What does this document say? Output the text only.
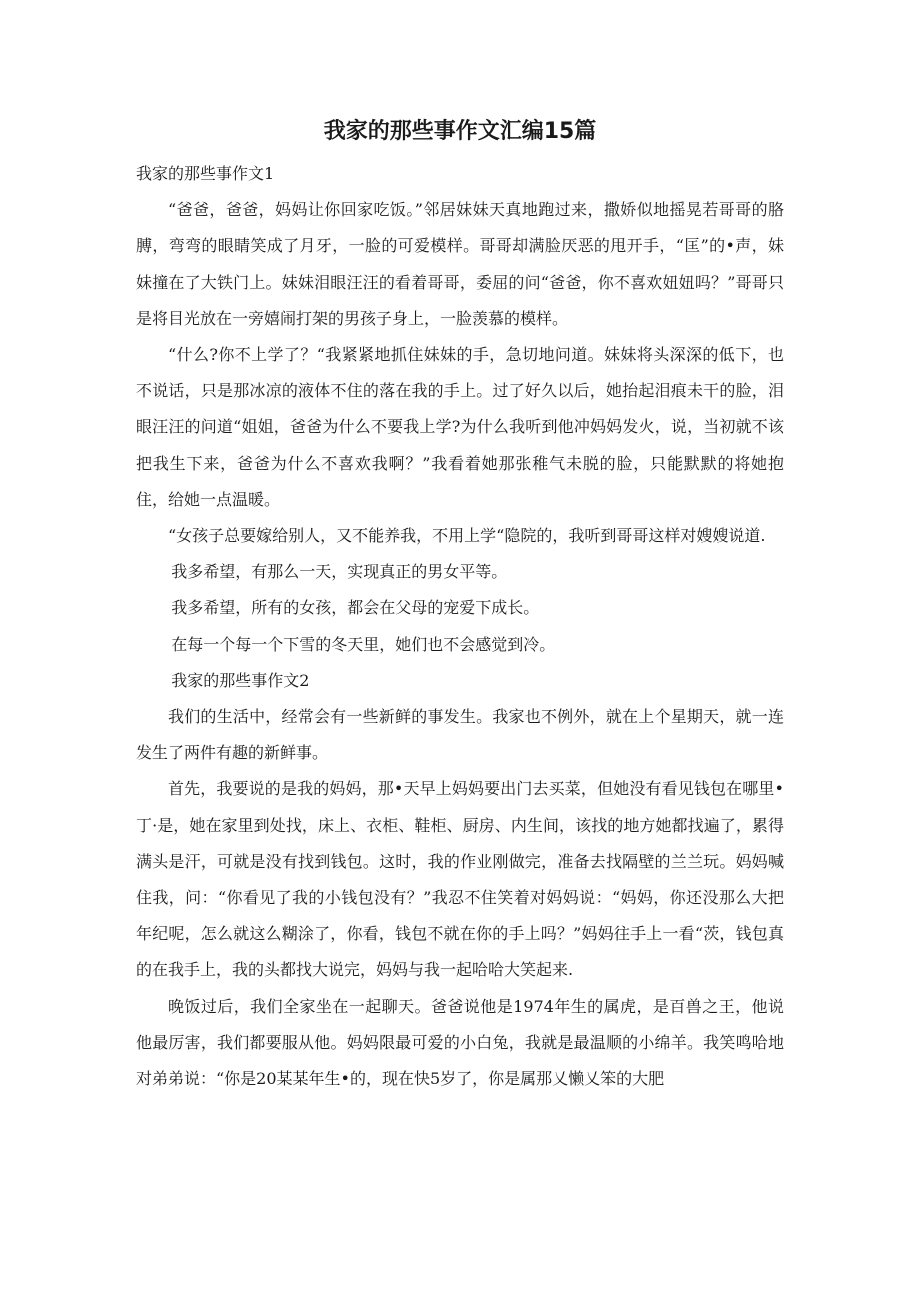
我家的那些事作文汇编15篇

我家的那些事作文1

“爸爸，爸爸，妈妈让你回家吃饭。”邻居妹妹天真地跑过来，撒娇似地摇晃若哥哥的胳膊，弯弯的眼睛笑成了月牙，一脸的可爱模样。哥哥却满脸厌恶的甩开手，“匡”的•声，妹妹撞在了大铁门上。妹妹泪眼汪汪的看着哥哥，委屈的问“爸爸，你不喜欢妞妞吗？”哥哥只是将目光放在一旁嬉闹打架的男孩子身上，一脸羡慕的模样。

“什么?你不上学了？“我紧紧地抓住妹妹的手，急切地问道。妹妹将头深深的低下，也不说话，只是那冰凉的液体不住的落在我的手上。过了好久以后，她抬起泪痕未干的脸，泪眼汪汪的问道“姐姐，爸爸为什么不要我上学?为什么我听到他冲妈妈发火，说，当初就不该把我生下来，爸爸为什么不喜欢我啊？”我看着她那张稚气未脱的脸，只能默默的将她抱住，给她一点温暖。

“女孩子总要嫁给别人，又不能养我，不用上学“隐院的，我听到哥哥这样对嫂嫂说道.

我多希望，有那么一天，实现真正的男女平等。

我多希望，所有的女孩，都会在父母的宠爱下成长。

在每一个每一个下雪的冬天里，她们也不会感觉到冷。

我家的那些事作文2

我们的生活中，经常会有一些新鲜的事发生。我家也不例外，就在上个星期天，就一连发生了两件有趣的新鲜事。

首先，我要说的是我的妈妈，那•天早上妈妈要出门去买菜，但她没有看见钱包在哪里•丁·是，她在家里到处找，床上、衣柜、鞋柜、厨房、内生间，该找的地方她都找遍了，累得满头是汗，可就是没有找到钱包。这时，我的作业刚做完，准备去找隔壁的兰兰玩。妈妈喊住我，问：“你看见了我的小钱包没有？”我忍不住笑着对妈妈说：“妈妈，你还没那么大把年纪呢，怎么就这么糊涂了，你看，钱包不就在你的手上吗？”妈妈往手上一看“茨，钱包真的在我手上，我的头都找大说完，妈妈与我一起哈哈大笑起来.

晚饭过后，我们全家坐在一起聊天。爸爸说他是1974年生的属虎，是百兽之王，他说他最厉害，我们都要服从他。妈妈限最可爱的小白兔，我就是最温顺的小绵羊。我笑鸣哈地对弟弟说：“你是20某某年生•的，现在快5岁了，你是属那乂懒乂笨的大肥
